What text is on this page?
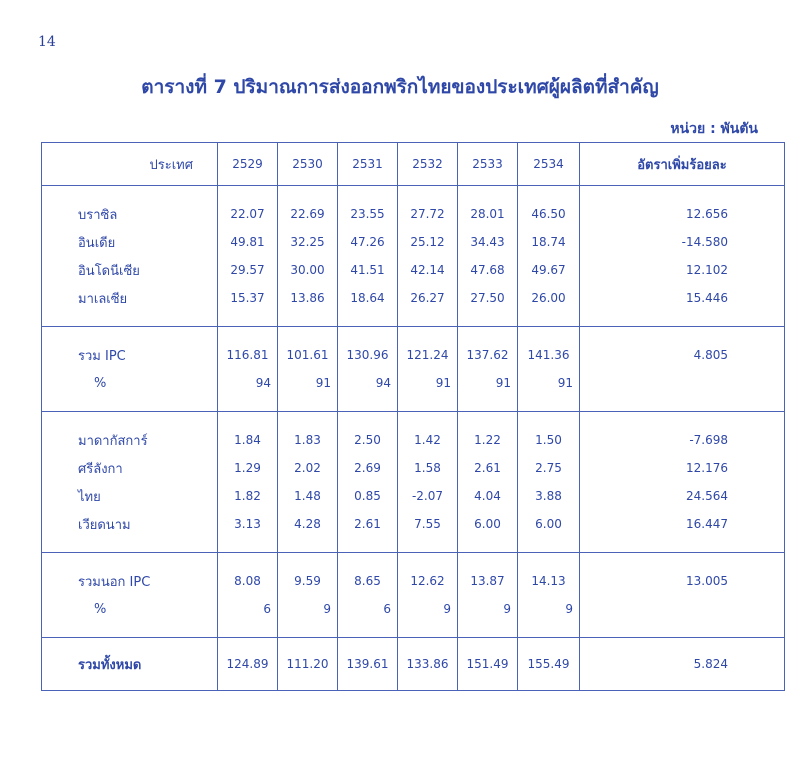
14
ตารางที่ 7 ปริมาณการส่งออกพริกไทยของประเทศผู้ผลิตที่สำคัญ
หน่วย : พันตัน
ประเทศ	2529	2530	2531	2532	2533	2534	อัตราเพิ่มร้อยละ

บราซิล	22.07	22.69	23.55	27.72	28.01	46.50	12.656
อินเดีย	49.81	32.25	47.26	25.12	34.43	18.74	-14.580
อินโดนีเซีย	29.57	30.00	41.51	42.14	47.68	49.67	12.102
มาเลเซีย	15.37	13.86	18.64	26.27	27.50	26.00	15.446

รวม IPC	116.81	101.61	130.96	121.24	137.62	141.36	4.805
%	94	91	94	91	91	91	

มาดากัสการ์	1.84	1.83	2.50	1.42	1.22	1.50	-7.698
ศรีลังกา	1.29	2.02	2.69	1.58	2.61	2.75	12.176
ไทย	1.82	1.48	0.85	-2.07	4.04	3.88	24.564
เวียดนาม	3.13	4.28	2.61	7.55	6.00	6.00	16.447

รวมนอก IPC	8.08	9.59	8.65	12.62	13.87	14.13	13.005
%	6	9	6	9	9	9	

รวมทั้งหมด	124.89	111.20	139.61	133.86	151.49	155.49	5.824
